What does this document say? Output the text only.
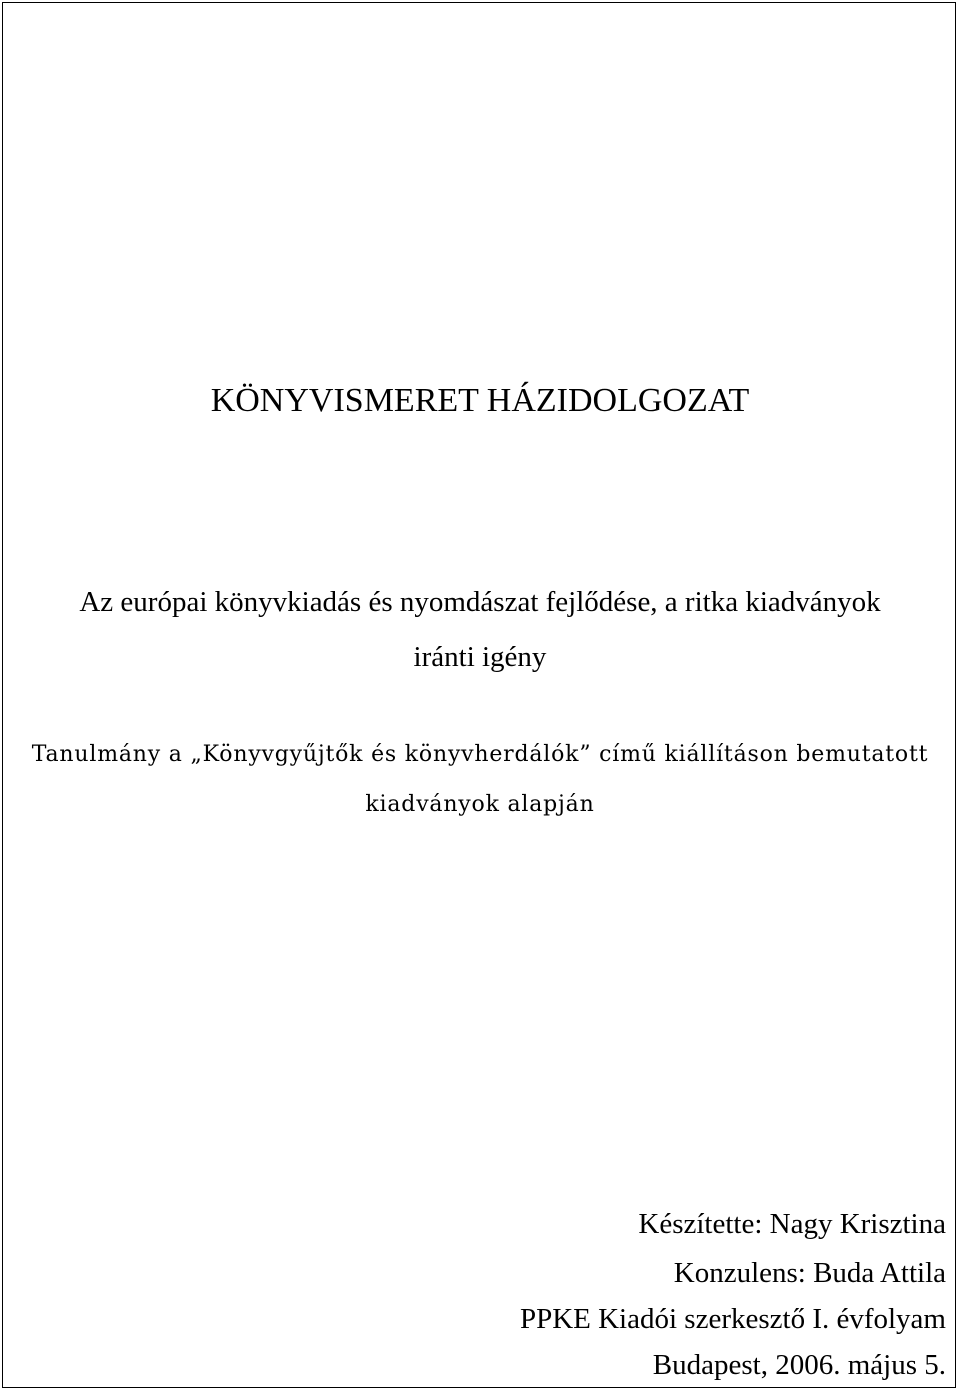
KÖNYVISMERET HÁZIDOLGOZAT

Az európai könyvkiadás és nyomdászat fejlődése, a ritka kiadványok

iránti igény

Tanulmány a „Könyvgyűjtők és könyvherdálók” című kiállításon bemutatott

kiadványok alapján

Készítette: Nagy Krisztina

Konzulens: Buda Attila

PPKE Kiadói szerkesztő I. évfolyam

Budapest, 2006. május 5.
